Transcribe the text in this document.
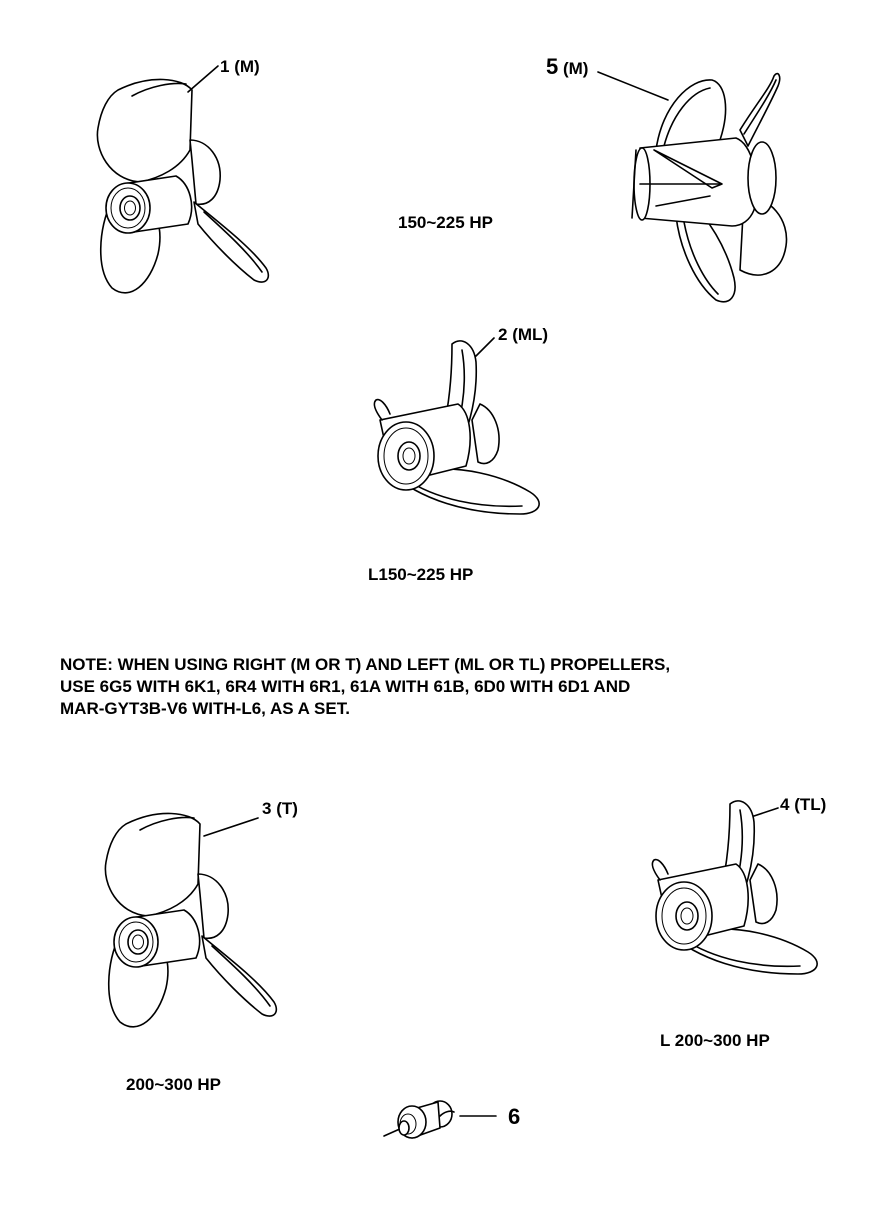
1 (M)	5 (M)
2 (ML)
3 (T)	4 (TL)
6
150~225 HP
L150~225 HP
200~300 HP
L 200~300 HP
NOTE: WHEN USING RIGHT (M OR T) AND LEFT (ML OR TL) PROPELLERS,
USE 6G5 WITH 6K1, 6R4 WITH 6R1, 61A WITH 61B, 6D0 WITH 6D1 AND
MAR-GYT3B-V6 WITH-L6, AS A SET.
